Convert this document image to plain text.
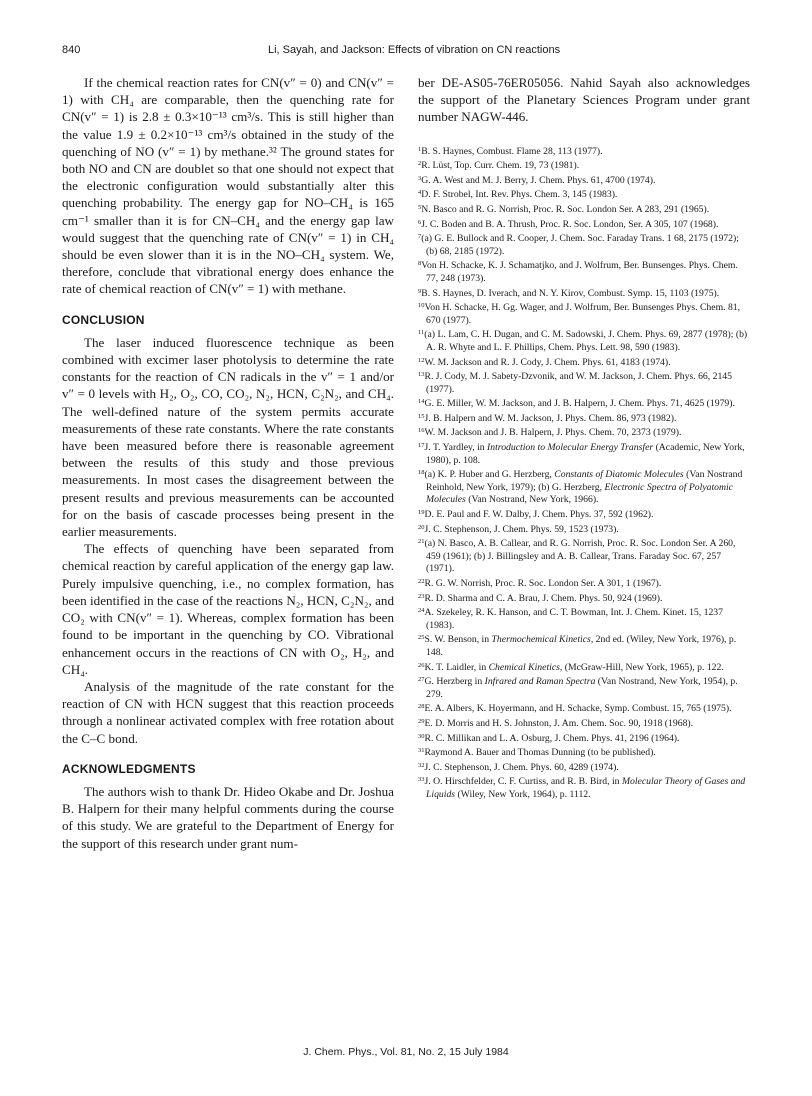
840	Li, Sayah, and Jackson: Effects of vibration on CN reactions

If the chemical reaction rates for CN(v″ = 0) and CN(v″ = 1) with CH₄ are comparable, then the quenching rate for CN(v″ = 1) is 2.8 ± 0.3×10⁻¹³ cm³/s. This is still higher than the value 1.9 ± 0.2×10⁻¹³ cm³/s obtained in the study of the quenching of NO (v″ = 1) by methane.³² The ground states for both NO and CN are doublet so that one should not expect that the electronic configuration would substantially alter this quenching probability. The energy gap for NO–CH₄ is 165 cm⁻¹ smaller than it is for CN–CH₄ and the energy gap law would suggest that the quenching rate of CN(v″ = 1) in CH₄ should be even slower than it is in the NO–CH₄ system. We, therefore, conclude that vibrational energy does enhance the rate of chemical reaction of CN(v″ = 1) with methane.

CONCLUSION

The laser induced fluorescence technique as been combined with excimer laser photolysis to determine the rate constants for the reaction of CN radicals in the v″ = 1 and/or v″ = 0 levels with H₂, O₂, CO, CO₂, N₂, HCN, C₂N₂, and CH₄. The well-defined nature of the system permits accurate measurements of these rate constants. Where the rate constants have been measured before there is reasonable agreement between the results of this study and those previous measurements. In most cases the disagreement between the present results and previous measurements can be accounted for on the basis of cascade processes being present in the earlier measurements.

The effects of quenching have been separated from chemical reaction by careful application of the energy gap law. Purely impulsive quenching, i.e., no complex formation, has been identified in the case of the reactions N₂, HCN, C₂N₂, and CO₂ with CN(v″ = 1). Whereas, complex formation has been found to be important in the quenching by CO. Vibrational enhancement occurs in the reactions of CN with O₂, H₂, and CH₄.

Analysis of the magnitude of the rate constant for the reaction of CN with HCN suggest that this reaction proceeds through a nonlinear activated complex with free rotation about the C–C bond.

ACKNOWLEDGMENTS

The authors wish to thank Dr. Hideo Okabe and Dr. Joshua B. Halpern for their many helpful comments during the course of this study. We are grateful to the Department of Energy for the support of this research under grant num-

ber DE-AS05-76ER05056. Nahid Sayah also acknowledges the support of the Planetary Sciences Program under grant number NAGW-446.

$^1$B. S. Haynes, Combust. Flame 28, 113 (1977).
$^2$R. Lüst, Top. Curr. Chem. 19, 73 (1981).
$^3$G. A. West and M. J. Berry, J. Chem. Phys. 61, 4700 (1974).
$^4$D. F. Strobel, Int. Rev. Phys. Chem. 3, 145 (1983).
$^5$N. Basco and R. G. Norrish, Proc. R. Soc. London Ser. A 283, 291 (1965).
$^6$J. C. Boden and B. A. Thrush, Proc. R. Soc. London, Ser. A 305, 107 (1968).
$^7$(a) G. E. Bullock and R. Cooper, J. Chem. Soc. Faraday Trans. 1 68, 2175 (1972); (b) 68, 2185 (1972).
$^8$Von H. Schacke, K. J. Schamatjko, and J. Wolfrum, Ber. Bunsenges. Phys. Chem. 77, 248 (1973).
$^9$B. S. Haynes, D. Iverach, and N. Y. Kirov, Combust. Symp. 15, 1103 (1975).
$^{10}$Von H. Schacke, H. Gg. Wager, and J. Wolfrum, Ber. Bunsenges Phys. Chem. 81, 670 (1977).
$^{11}$(a) L. Lam, C. H. Dugan, and C. M. Sadowski, J. Chem. Phys. 69, 2877 (1978); (b) A. R. Whyte and L. F. Phillips, Chem. Phys. Lett. 98, 590 (1983).
$^{12}$W. M. Jackson and R. J. Cody, J. Chem. Phys. 61, 4183 (1974).
$^{13}$R. J. Cody, M. J. Sabety-Dzvonik, and W. M. Jackson, J. Chem. Phys. 66, 2145 (1977).
$^{14}$G. E. Miller, W. M. Jackson, and J. B. Halpern, J. Chem. Phys. 71, 4625 (1979).
$^{15}$J. B. Halpern and W. M. Jackson, J. Phys. Chem. 86, 973 (1982).
$^{16}$W. M. Jackson and J. B. Halpern, J. Phys. Chem. 70, 2373 (1979).
$^{17}$J. T. Yardley, in Introduction to Molecular Energy Transfer (Academic, New York, 1980), p. 108.
$^{18}$(a) K. P. Huber and G. Herzberg, Constants of Diatomic Molecules (Van Nostrand Reinhold, New York, 1979); (b) G. Herzberg, Electronic Spectra of Polyatomic Molecules (Van Nostrand, New York, 1966).
$^{19}$D. E. Paul and F. W. Dalby, J. Chem. Phys. 37, 592 (1962).
$^{20}$J. C. Stephenson, J. Chem. Phys. 59, 1523 (1973).
$^{21}$(a) N. Basco, A. B. Callear, and R. G. Norrish, Proc. R. Soc. London Ser. A 260, 459 (1961); (b) J. Billingsley and A. B. Callear, Trans. Faraday Soc. 67, 257 (1971).
$^{22}$R. G. W. Norrish, Proc. R. Soc. London Ser. A 301, 1 (1967).
$^{23}$R. D. Sharma and C. A. Brau, J. Chem. Phys. 50, 924 (1969).
$^{24}$A. Szekeley, R. K. Hanson, and C. T. Bowman, Int. J. Chem. Kinet. 15, 1237 (1983).
$^{25}$S. W. Benson, in Thermochemical Kinetics, 2nd ed. (Wiley, New York, 1976), p. 148.
$^{26}$K. T. Laidler, in Chemical Kinetics, (McGraw-Hill, New York, 1965), p. 122.
$^{27}$G. Herzberg in Infrared and Raman Spectra (Van Nostrand, New York, 1954), p. 279.
$^{28}$E. A. Albers, K. Hoyermann, and H. Schacke, Symp. Combust. 15, 765 (1975).
$^{29}$E. D. Morris and H. S. Johnston, J. Am. Chem. Soc. 90, 1918 (1968).
$^{30}$R. C. Millikan and L. A. Osburg, J. Chem. Phys. 41, 2196 (1964).
$^{31}$Raymond A. Bauer and Thomas Dunning (to be published).
$^{32}$J. C. Stephenson, J. Chem. Phys. 60, 4289 (1974).
$^{33}$J. O. Hirschfelder, C. F. Curtiss, and R. B. Bird, in Molecular Theory of Gases and Liquids (Wiley, New York, 1964), p. 1112.
J. Chem. Phys., Vol. 81, No. 2, 15 July 1984
